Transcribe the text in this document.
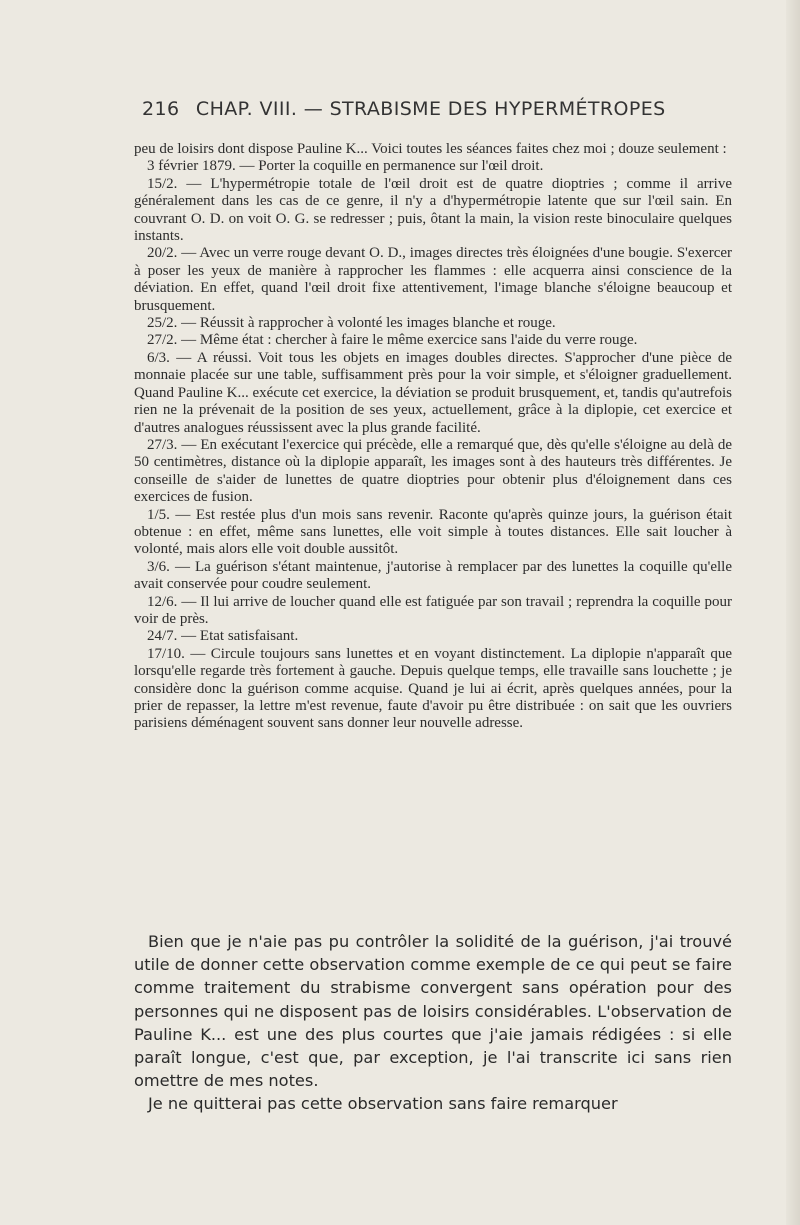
216 CHAP. VIII. — STRABISME DES HYPERMÉTROPES

peu de loisirs dont dispose Pauline K... Voici toutes les séances faites chez moi ; douze seulement :

3 février 1879. — Porter la coquille en permanence sur l'œil droit.

15/2. — L'hypermétropie totale de l'œil droit est de quatre dioptries ; comme il arrive généralement dans les cas de ce genre, il n'y a d'hypermétropie latente que sur l'œil sain. En couvrant O. D. on voit O. G. se redresser ; puis, ôtant la main, la vision reste binoculaire quelques instants.

20/2. — Avec un verre rouge devant O. D., images directes très éloignées d'une bougie. S'exercer à poser les yeux de manière à rapprocher les flammes : elle acquerra ainsi conscience de la déviation. En effet, quand l'œil droit fixe attentivement, l'image blanche s'éloigne beaucoup et brusquement.

25/2. — Réussit à rapprocher à volonté les images blanche et rouge.

27/2. — Même état : chercher à faire le même exercice sans l'aide du verre rouge.

6/3. — A réussi. Voit tous les objets en images doubles directes. S'approcher d'une pièce de monnaie placée sur une table, suffisamment près pour la voir simple, et s'éloigner graduellement. Quand Pauline K... exécute cet exercice, la déviation se produit brusquement, et, tandis qu'autrefois rien ne la prévenait de la position de ses yeux, actuellement, grâce à la diplopie, cet exercice et d'autres analogues réussissent avec la plus grande facilité.

27/3. — En exécutant l'exercice qui précède, elle a remarqué que, dès qu'elle s'éloigne au delà de 50 centimètres, distance où la diplopie apparaît, les images sont à des hauteurs très différentes. Je conseille de s'aider de lunettes de quatre dioptries pour obtenir plus d'éloignement dans ces exercices de fusion.

1/5. — Est restée plus d'un mois sans revenir. Raconte qu'après quinze jours, la guérison était obtenue : en effet, même sans lunettes, elle voit simple à toutes distances. Elle sait loucher à volonté, mais alors elle voit double aussitôt.

3/6. — La guérison s'étant maintenue, j'autorise à remplacer par des lunettes la coquille qu'elle avait conservée pour coudre seulement.

12/6. — Il lui arrive de loucher quand elle est fatiguée par son travail ; reprendra la coquille pour voir de près.

24/7. — Etat satisfaisant.

17/10. — Circule toujours sans lunettes et en voyant distinctement. La diplopie n'apparaît que lorsqu'elle regarde très fortement à gauche. Depuis quelque temps, elle travaille sans louchette ; je considère donc la guérison comme acquise. Quand je lui ai écrit, après quelques années, pour la prier de repasser, la lettre m'est revenue, faute d'avoir pu être distribuée : on sait que les ouvriers parisiens déménagent souvent sans donner leur nouvelle adresse.

Bien que je n'aie pas pu contrôler la solidité de la guérison, j'ai trouvé utile de donner cette observation comme exemple de ce qui peut se faire comme traitement du strabisme convergent sans opération pour des personnes qui ne disposent pas de loisirs considérables. L'observation de Pauline K... est une des plus courtes que j'aie jamais rédigées : si elle paraît longue, c'est que, par exception, je l'ai transcrite ici sans rien omettre de mes notes.

Je ne quitterai pas cette observation sans faire remarquer
